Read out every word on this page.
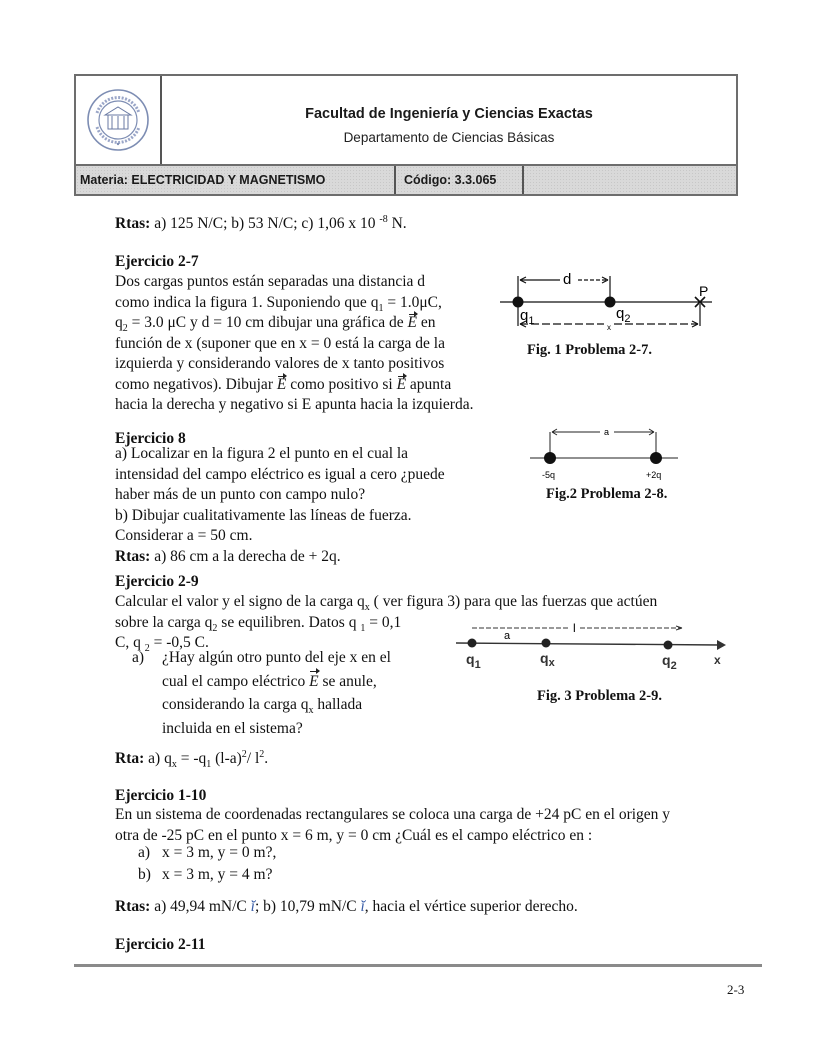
Facultad de Ingeniería y Ciencias Exactas
Departamento de Ciencias Básicas
Materia: ELECTRICIDAD Y MAGNETISMO	Código: 3.3.065
Rtas: a) 125 N/C; b) 53 N/C; c) 1,06 x 10 $^{-8}$ N.
Ejercicio 2-7
Dos cargas puntos están separadas una distancia d
como indica la figura 1. Suponiendo que $q_1 = 1.0\mu C$,
$q_2 = 3.0$ μC y d = 10 cm dibujar una gráfica de E en
función de x (suponer que en x = 0 está la carga de la
izquierda y considerando valores de x tanto positivos
como negativos). Dibujar E como positivo si E apunta
hacia la derecha y negativo si E apunta hacia la izquierda.
d
$q_1$	$q_2$
x
P
Fig. 1 Problema 2-7.
Ejercicio 8
a) Localizar en la figura 2 el punto en el cual la
intensidad del campo eléctrico es igual a cero ¿puede
haber más de un punto con campo nulo?
b) Dibujar cualitativamente las líneas de fuerza.
Considerar a = 50 cm.
Rtas: a) 86 cm a la derecha de + 2q.
a
-5q	+2q
Fig.2 Problema 2-8.
Ejercicio 2-9
Calcular el valor y el signo de la carga $q_x$ ( ver figura 3) para que las fuerzas que actúen
sobre la carga $q_2$ se equilibren. Datos q $_1$ = 0,1
C, q $_2$ = -0,5 C.
a) ¿Hay algún otro punto del eje x en el
cual el campo eléctrico E se anule,
considerando la carga $q_x$ hallada
incluida en el sistema?
Rta: a) $q_x = -q_1$ $(l-a)^2/$ $l^2$.
l
a
$q_1$	$q_x$	$q_2$	x
Fig. 3 Problema 2-9.
Ejercicio 1-10
En un sistema de coordenadas rectangulares se coloca una carga de +24 pC en el origen y
otra de -25 pC en el punto x = 6 m, y = 0 cm ¿Cuál es el campo eléctrico en :
a) x = 3 m, y = 0 m?,
b) x = 3 m, y = 4 m?
Rtas: a) 49,94 mN/C ĭ; b) 10,79 mN/C ĭ, hacia el vértice superior derecho.
Ejercicio 2-11
2-3
